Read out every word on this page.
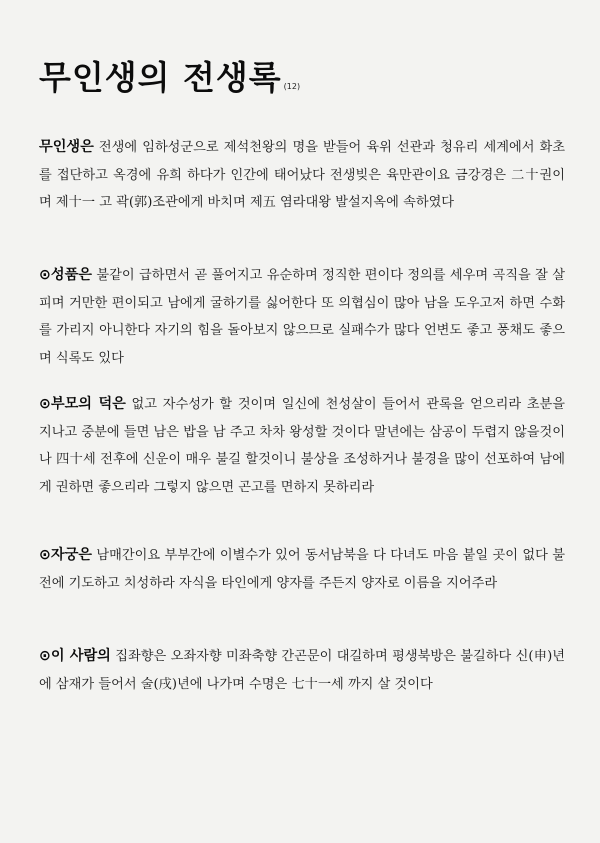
무인생의 전생록 (12)
무인생은 전생에 임하성군으로 제석천왕의 명을 받들어 육위 선관과 청유리 세계에서 화초를 접단하고 옥경에 유희 하다가 인간에 태어났다 전생빚은 육만관이요 금강경은 二十권이며 제十一 고 곽(郭)조관에게 바치며 제五 염라대왕 발설지옥에 속하였다
⊙성품은 불같이 급하면서 곧 풀어지고 유순하며 정직한 편이다 정의를 세우며 곡직을 잘 살피며 거만한 편이되고 남에게 굴하기를 싫어한다 또 의협심이 많아 남을 도우고저 하면 수화를 가리지 아니한다 자기의 힘을 돌아보지 않으므로 실패수가 많다 언변도 좋고 풍채도 좋으며 식록도 있다
⊙부모의 덕은 없고 자수성가 할 것이며 일신에 천성살이 들어서 관록을 얻으리라 초분을 지나고 중분에 들면 남은 밥을 남 주고 차차 왕성할 것이다 말년에는 삼공이 두렵지 않을것이나 四十세 전후에 신운이 매우 불길 할것이니 불상을 조성하거나 불경을 많이 선포하여 남에게 권하면 좋으리라 그렇지 않으면 곤고를 면하지 못하리라
⊙자궁은 남매간이요 부부간에 이별수가 있어 동서남북을 다 다녀도 마음 붙일 곳이 없다 불전에 기도하고 치성하라 자식을 타인에게 양자를 주든지 양자로 이름을 지어주라
⊙이 사람의 집좌향은 오좌자향 미좌축향 간곤문이 대길하며 평생북방은 불길하다 신(申)년에 삼재가 들어서 술(戌)년에 나가며 수명은 七十一세 까지 살 것이다
